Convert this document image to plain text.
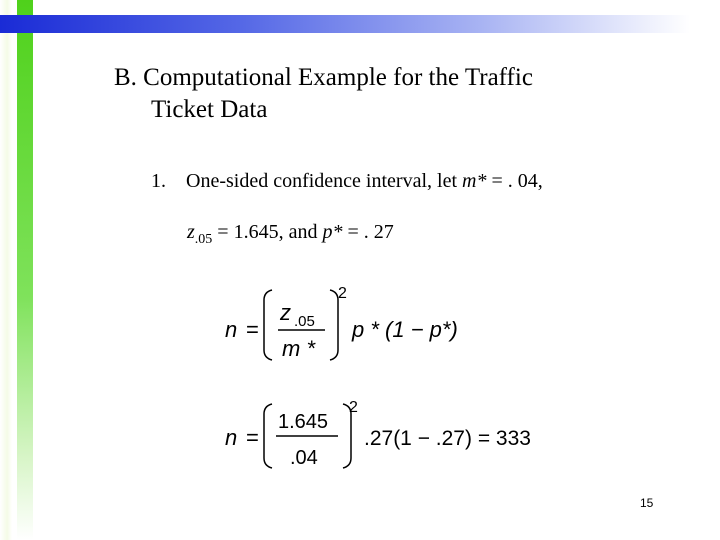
B. Computational Example for the Traffic
Ticket Data
1. One-sided confidence interval, let m* = . 04,
$z_{.05} = 1.645$, and p* = . 27
n =
z .05
m *
2
p * (1 − p*)
n =
1.645
.04
2
.27(1 − .27) = 333
15
